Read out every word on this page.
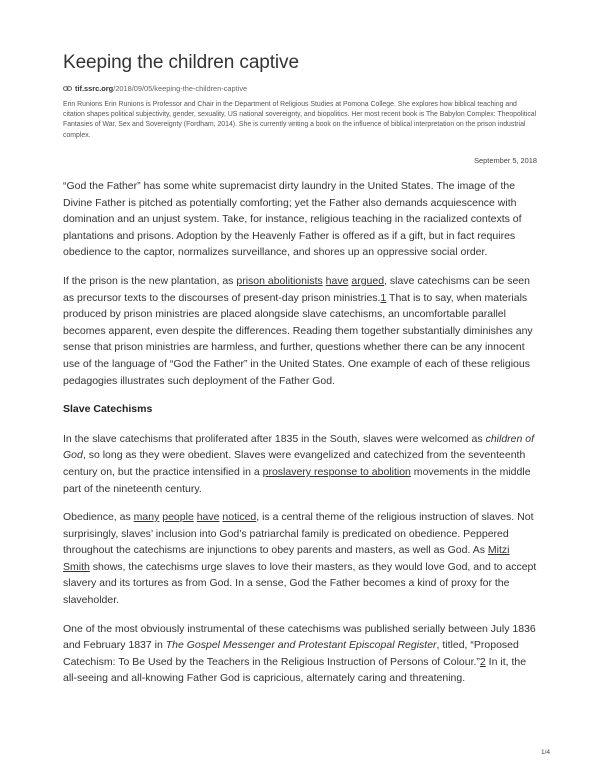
Keeping the children captive
tif.ssrc.org /2018/09/05/keeping-the-children-captive
Erin Runions Erin Runions is Professor and Chair in the Department of Religious Studies at Pomona College. She explores how biblical teaching and citation shapes political subjectivity, gender, sexuality, US national sovereignty, and biopolitics. Her most recent book is The Babylon Complex: Theopolitical Fantasies of War, Sex and Sovereignty (Fordham, 2014). She is currently writing a book on the influence of biblical interpretation on the prison industrial complex.
September 5, 2018

“God the Father” has some white supremacist dirty laundry in the United States. The image of the Divine Father is pitched as potentially comforting; yet the Father also demands acquiescence with domination and an unjust system. Take, for instance, religious teaching in the racialized contexts of plantations and prisons. Adoption by the Heavenly Father is offered as if a gift, but in fact requires obedience to the captor, normalizes surveillance, and shores up an oppressive social order.

If the prison is the new plantation, as prison abolitionists have argued, slave catechisms can be seen as precursor texts to the discourses of present-day prison ministries.1 That is to say, when materials produced by prison ministries are placed alongside slave catechisms, an uncomfortable parallel becomes apparent, even despite the differences. Reading them together substantially diminishes any sense that prison ministries are harmless, and further, questions whether there can be any innocent use of the language of “God the Father” in the United States. One example of each of these religious pedagogies illustrates such deployment of the Father God.

Slave Catechisms

In the slave catechisms that proliferated after 1835 in the South, slaves were welcomed as children of God, so long as they were obedient. Slaves were evangelized and catechized from the seventeenth century on, but the practice intensified in a proslavery response to abolition movements in the middle part of the nineteenth century.

Obedience, as many people have noticed, is a central theme of the religious instruction of slaves. Not surprisingly, slaves’ inclusion into God’s patriarchal family is predicated on obedience. Peppered throughout the catechisms are injunctions to obey parents and masters, as well as God. As Mitzi Smith shows, the catechisms urge slaves to love their masters, as they would love God, and to accept slavery and its tortures as from God. In a sense, God the Father becomes a kind of proxy for the slaveholder.

One of the most obviously instrumental of these catechisms was published serially between July 1836 and February 1837 in The Gospel Messenger and Protestant Episcopal Register, titled, “Proposed Catechism: To Be Used by the Teachers in the Religious Instruction of Persons of Colour.”2 In it, the all-seeing and all-knowing Father God is capricious, alternately caring and threatening.

1/4
